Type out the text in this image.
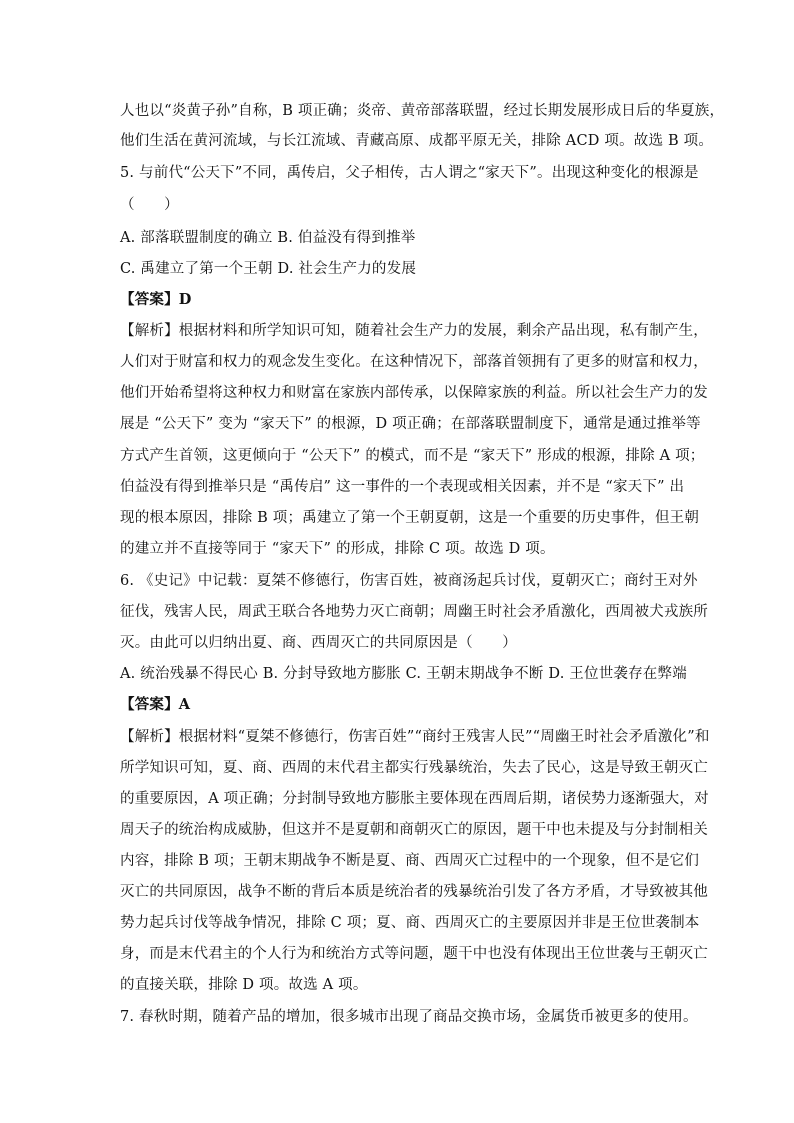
人也以“炎黄子孙”自称，B 项正确；炎帝、黄帝部落联盟，经过长期发展形成日后的华夏族，
他们生活在黄河流域，与长江流域、青藏高原、成都平原无关，排除 ACD 项。故选 B 项。
5. 与前代“公天下”不同，禹传启，父子相传，古人谓之“家天下”。出现这种变化的根源是
（　　）
A. 部落联盟制度的确立 B. 伯益没有得到推举
C. 禹建立了第一个王朝 D. 社会生产力的发展
【答案】D
【解析】根据材料和所学知识可知，随着社会生产力的发展，剩余产品出现，私有制产生，
人们对于财富和权力的观念发生变化。在这种情况下，部落首领拥有了更多的财富和权力，
他们开始希望将这种权力和财富在家族内部传承，以保障家族的利益。所以社会生产力的发
展是 “公天下” 变为 “家天下” 的根源，D 项正确；在部落联盟制度下，通常是通过推举等
方式产生首领，这更倾向于 “公天下” 的模式，而不是 “家天下” 形成的根源，排除 A 项；
伯益没有得到推举只是 “禹传启” 这一事件的一个表现或相关因素，并不是 “家天下” 出
现的根本原因，排除 B 项；禹建立了第一个王朝夏朝，这是一个重要的历史事件，但王朝
的建立并不直接等同于 “家天下” 的形成，排除 C 项。故选 D 项。
6. 《史记》中记载：夏桀不修德行，伤害百姓，被商汤起兵讨伐，夏朝灭亡；商纣王对外
征伐，残害人民，周武王联合各地势力灭亡商朝；周幽王时社会矛盾激化，西周被犬戎族所
灭。由此可以归纳出夏、商、西周灭亡的共同原因是（　　）
A. 统治残暴不得民心 B. 分封导致地方膨胀 C. 王朝末期战争不断 D. 王位世袭存在弊端
【答案】A
【解析】根据材料“夏桀不修德行，伤害百姓”“商纣王残害人民”“周幽王时社会矛盾激化”和
所学知识可知，夏、商、西周的末代君主都实行残暴统治，失去了民心，这是导致王朝灭亡
的重要原因，A 项正确；分封制导致地方膨胀主要体现在西周后期，诸侯势力逐渐强大，对
周天子的统治构成威胁，但这并不是夏朝和商朝灭亡的原因，题干中也未提及与分封制相关
内容，排除 B 项；王朝末期战争不断是夏、商、西周灭亡过程中的一个现象，但不是它们
灭亡的共同原因，战争不断的背后本质是统治者的残暴统治引发了各方矛盾，才导致被其他
势力起兵讨伐等战争情况，排除 C 项；夏、商、西周灭亡的主要原因并非是王位世袭制本
身，而是末代君主的个人行为和统治方式等问题，题干中也没有体现出王位世袭与王朝灭亡
的直接关联，排除 D 项。故选 A 项。
7. 春秋时期，随着产品的增加，很多城市出现了商品交换市场，金属货币被更多的使用。
